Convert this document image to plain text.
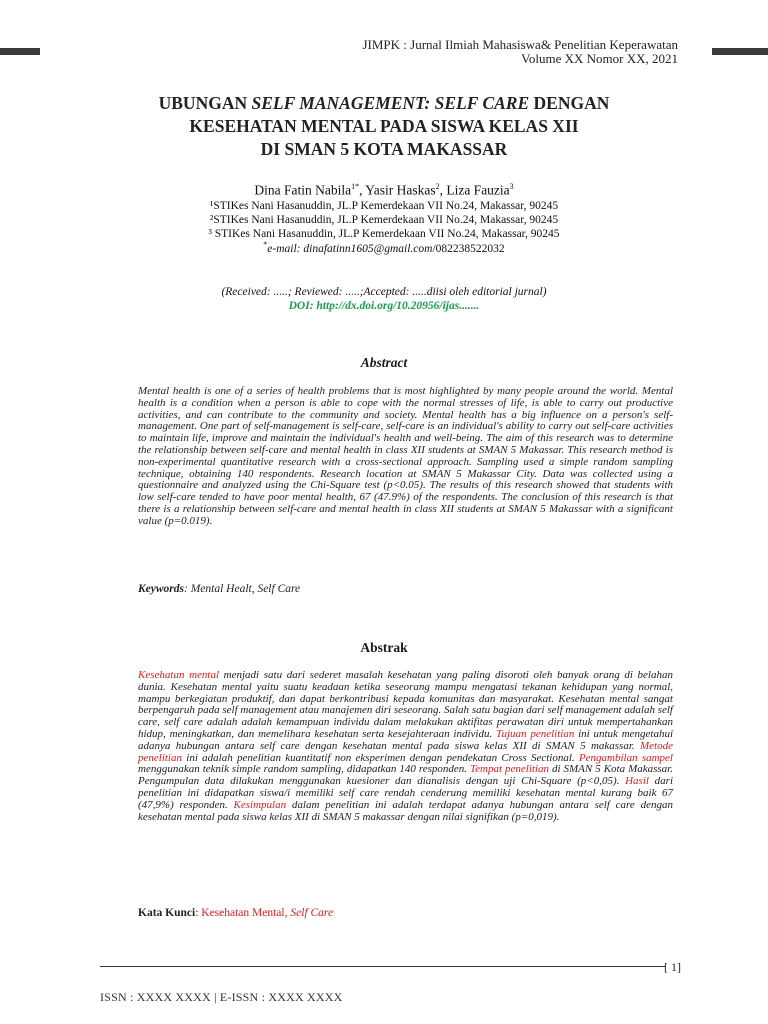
JIMPK : Jurnal Ilmiah Mahasiswa& Penelitian Keperawatan
Volume XX Nomor XX, 2021
UBUNGAN SELF MANAGEMENT: SELF CARE DENGAN
KESEHATAN MENTAL PADA SISWA KELAS XII
DI SMAN 5 KOTA MAKASSAR
Dina Fatin Nabila$^{1*}$, Yasir Haskas$^2$, Liza Fauzia$^3$
¹STIKes Nani Hasanuddin, JL.P Kemerdekaan VII No.24, Makassar, 90245
²STIKes Nani Hasanuddin, JL.P Kemerdekaan VII No.24, Makassar, 90245
³ STIKes Nani Hasanuddin, JL.P Kemerdekaan VII No.24, Makassar, 90245
*e-mail: dinafatinn1605@gmail.com/082238522032
(Received: .....; Reviewed: .....;Accepted: .....diisi oleh editorial jurnal)
DOI: http://dx.doi.org/10.20956/ijas.......
Abstract
Mental health is one of a series of health problems that is most highlighted by many people around the world. Mental health is a condition when a person is able to cope with the normal stresses of life, is able to carry out productive activities, and can contribute to the community and society. Mental health has a big influence on a person's self-management. One part of self-management is self-care, self-care is an individual's ability to carry out self-care activities to maintain life, improve and maintain the individual's health and well-being. The aim of this research was to determine the relationship between self-care and mental health in class XII students at SMAN 5 Makassar. This research method is non-experimental quantitative research with a cross-sectional approach. Sampling used a simple random sampling technique, obtaining 140 respondents. Research location at SMAN 5 Makassar City. Data was collected using a questionnaire and analyzed using the Chi-Square test (p<0.05). The results of this research showed that students with low self-care tended to have poor mental health, 67 (47.9%) of the respondents. The conclusion of this research is that there is a relationship between self-care and mental health in class XII students at SMAN 5 Makassar with a significant value (p=0.019).
Keywords: Mental Healt, Self Care
Abstrak
Kesehatan mental menjadi satu dari sederet masalah kesehatan yang paling disoroti oleh banyak orang di belahan dunia. Kesehatan mental yaitu suatu keadaan ketika seseorang mampu mengatasi tekanan kehidupan yang normal, mampu berkegiatan produktif, dan dapat berkontribusi kepada komunitas dan masyarakat. Kesehatan mental sangat berpengaruh pada self management atau manajemen diri seseorang. Salah satu bagian dari self management adalah self care, self care adalah adalah kemampuan individu dalam melakukan aktifitas perawatan diri untuk mempertahankan hidup, meningkatkan, dan memelihara kesehatan serta kesejahteraan individu. Tujuan penelitian ini untuk mengetahui adanya hubungan antara self care dengan kesehatan mental pada siswa kelas XII di SMAN 5 makassar. Metode penelitian ini adalah penelitian kuantitatif non eksperimen dengan pendekatan Cross Sectional. Pengambilan sampel menggunakan teknik simple random sampling, didapatkan 140 responden. Tempat penelitian di SMAN 5 Kota Makassar. Pengumpulan data dilakukan menggunakan kuesioner dan dianalisis dengan uji Chi-Square (p<0,05). Hasil dari penelitian ini didapatkan siswa/i memiliki self care rendah cenderung memiliki kesehatan mental kurang baik 67 (47,9%) responden. Kesimpulan dalam penelitian ini adalah terdapat adanya hubungan antara self care dengan kesehatan mental pada siswa kelas XII di SMAN 5 makassar dengan nilai signifikan (p=0,019).
Kata Kunci: Kesehatan Mental, Self Care
[ 1]
ISSN : XXXX XXXX | E-ISSN : XXXX XXXX
